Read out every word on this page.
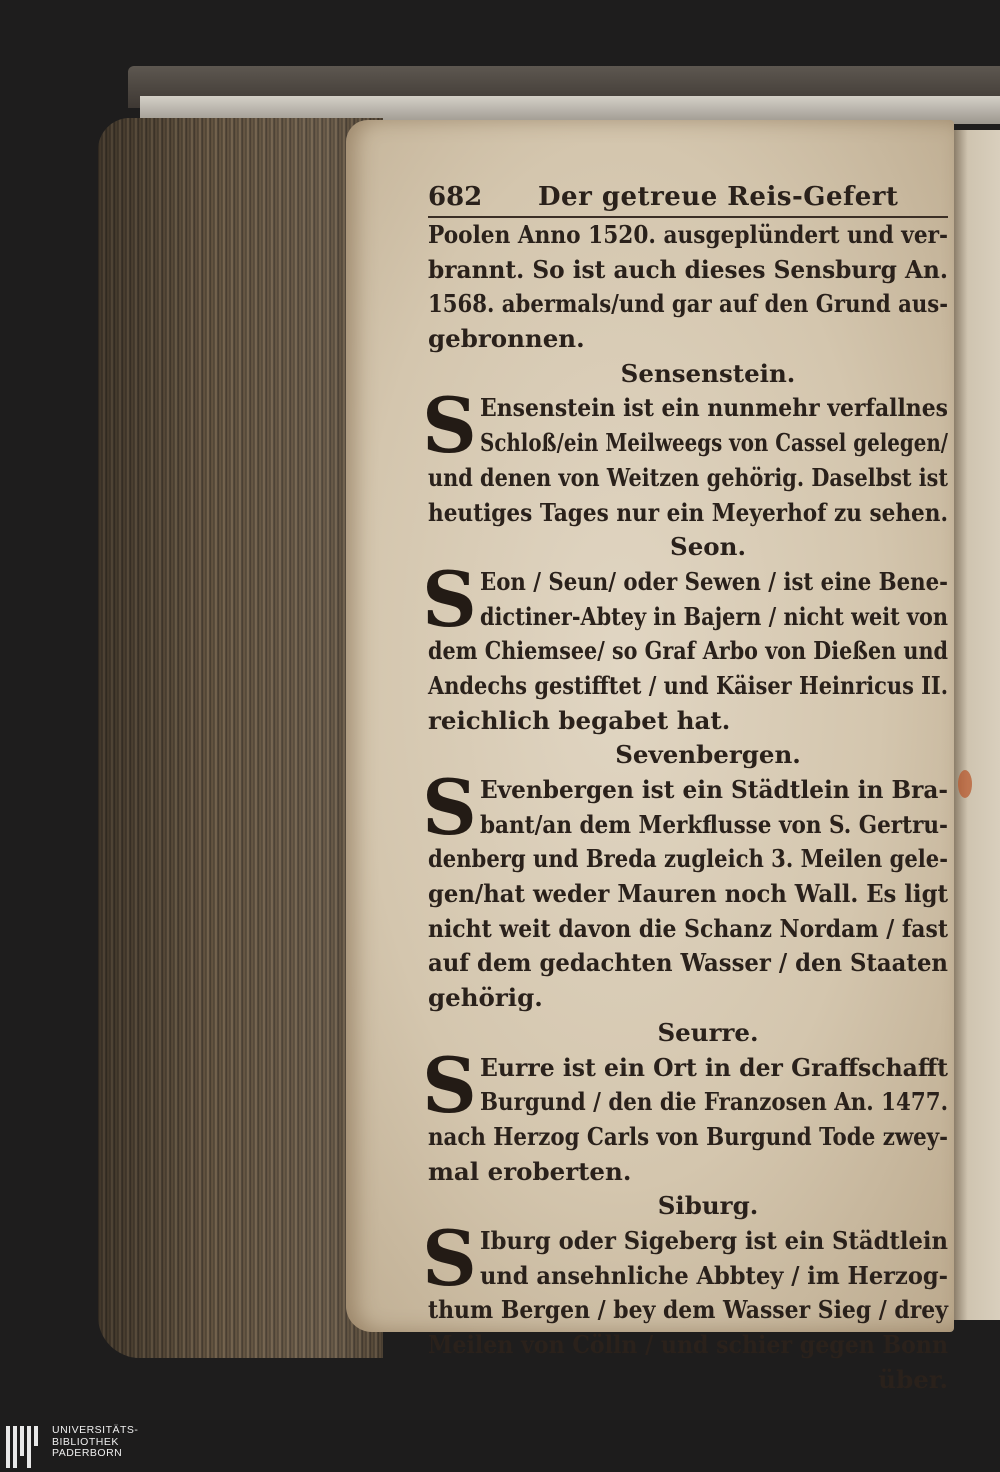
682 Der getreue Reis-Gefert
Poolen Anno 1520. ausgeplündert und ver-
brannt. So ist auch dieses Sensburg An.
1568. abermals/und gar auf den Grund aus-
gebronnen.
Sensenstein.
S Ensenstein ist ein nunmehr verfallnes
Schloß/ein Meilweegs von Cassel gelegen/
und denen von Weitzen gehörig. Daselbst ist
heutiges Tages nur ein Meyerhof zu sehen.
Seon.
S Eon / Seun/ oder Sewen / ist eine Bene-
dictiner-Abtey in Bajern / nicht weit von
dem Chiemsee/ so Graf Arbo von Dießen und
Andechs gestifftet / und Käiser Heinricus II.
reichlich begabet hat.
Sevenbergen.
S Evenbergen ist ein Städtlein in Bra-
bant/an dem Merkflusse von S. Gertru-
denberg und Breda zugleich 3. Meilen gele-
gen/hat weder Mauren noch Wall. Es ligt
nicht weit davon die Schanz Nordam / fast
auf dem gedachten Wasser / den Staaten
gehörig.
Seurre.
S Eurre ist ein Ort in der Graffschafft
Burgund / den die Franzosen An. 1477.
nach Herzog Carls von Burgund Tode zwey-
mal eroberten.
Siburg.
S Iburg oder Sigeberg ist ein Städtlein
und ansehnliche Abbtey / im Herzog-
thum Bergen / bey dem Wasser Sieg / drey
Meilen von Cölln / und schier gegen Bonn
über.
UNIVERSITÄTS-
BIBLIOTHEK
PADERBORN
